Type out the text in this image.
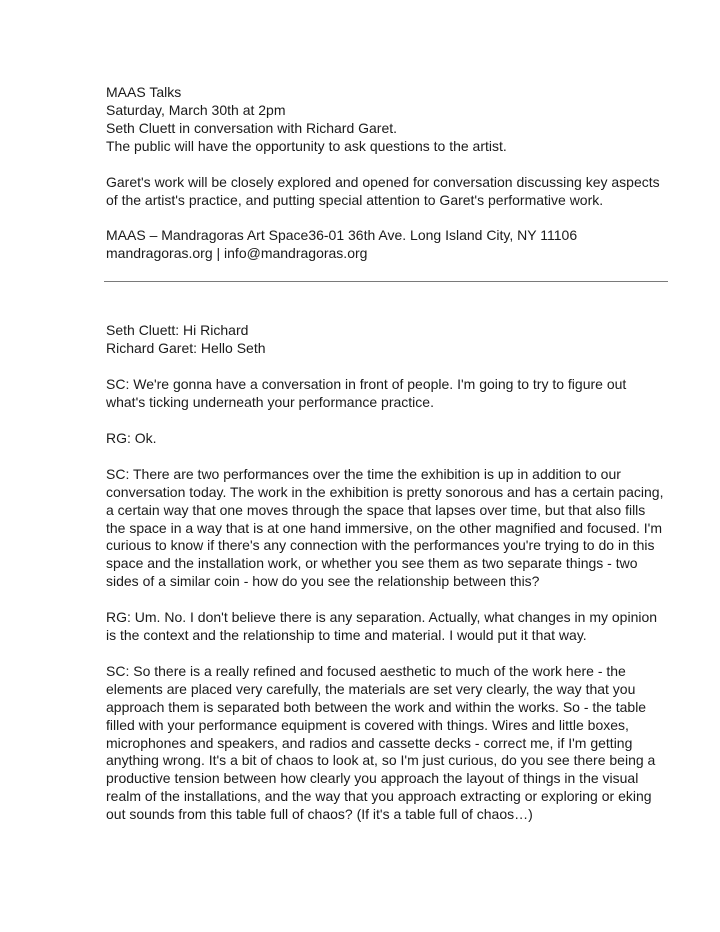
MAAS Talks
Saturday, March 30th at 2pm
Seth Cluett in conversation with Richard Garet.
The public will have the opportunity to ask questions to the artist.
Garet's work will be closely explored and opened for conversation discussing key aspects of the artist's practice, and putting special attention to Garet's performative work.
MAAS – Mandragoras Art Space36-01 36th Ave. Long Island City, NY 11106
mandragoras.org | info@mandragoras.org
Seth Cluett: Hi Richard
Richard Garet: Hello Seth
SC: We're gonna have a conversation in front of people. I'm going to try to figure out what's ticking underneath your performance practice.
RG: Ok.
SC: There are two performances over the time the exhibition is up in addition to our conversation today. The work in the exhibition is pretty sonorous and has a certain pacing, a certain way that one moves through the space that lapses over time, but that also fills the space in a way that is at one hand immersive, on the other magnified and focused. I'm curious to know if there's any connection with the performances you're trying to do in this space and the installation work, or whether you see them as two separate things - two sides of a similar coin - how do you see the relationship between this?
RG: Um. No. I don't believe there is any separation. Actually, what changes in my opinion is the context and the relationship to time and material. I would put it that way.
SC: So there is a really refined and focused aesthetic to much of the work here - the elements are placed very carefully, the materials are set very clearly, the way that you approach them is separated both between the work and within the works. So - the table filled with your performance equipment is covered with things. Wires and little boxes, microphones and speakers, and radios and cassette decks - correct me, if I'm getting anything wrong. It's a bit of chaos to look at, so I'm just curious, do you see there being a productive tension between how clearly you approach the layout of things in the visual realm of the installations, and the way that you approach extracting or exploring or eking out sounds from this table full of chaos? (If it's a table full of chaos…)
